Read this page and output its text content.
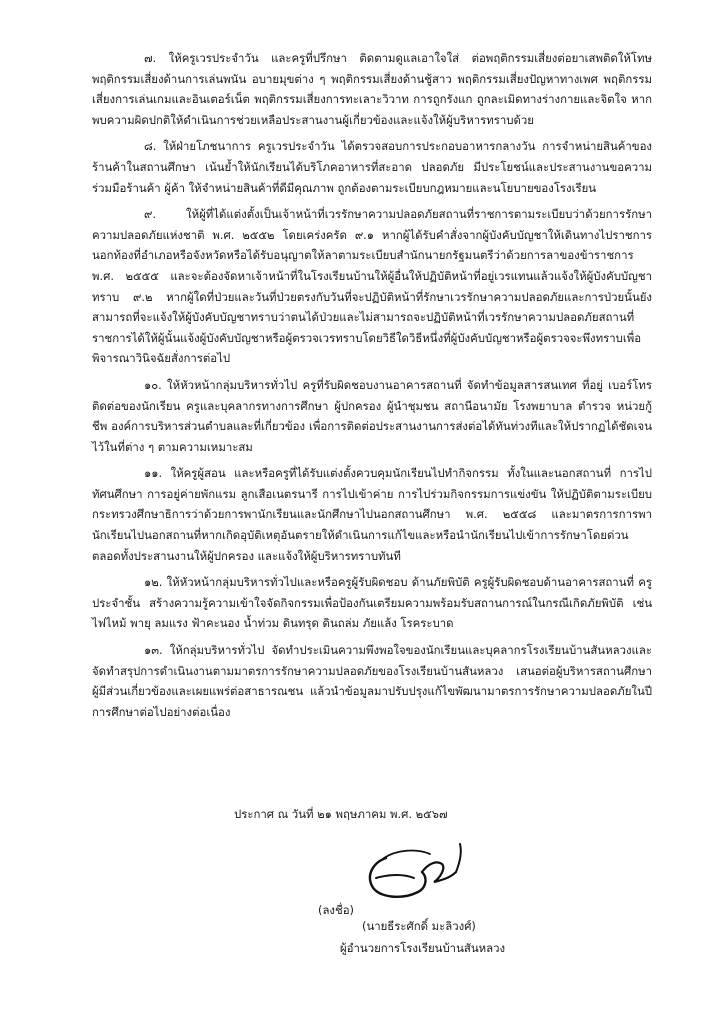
๗. ให้ครูเวรประจำวัน และครูที่ปรึกษา ติดตามดูแลเอาใจใส่ ต่อพฤติกรรมเสี่ยงต่อยาเสพติดให้โทษ พฤติกรรมเสี่ยงด้านการเล่นพนัน อบายมุขต่าง ๆ พฤติกรรมเสี่ยงด้านชู้สาว พฤติกรรมเสี่ยงปัญหาทางเพศ พฤติกรรมเสี่ยงการเล่นเกมและอินเตอร์เน็ต พฤติกรรมเสี่ยงการทะเลาะวิวาท การถูกรังแก ถูกละเมิดทางร่างกายและจิตใจ หากพบความผิดปกติให้ดำเนินการช่วยเหลือประสานงานผู้เกี่ยวข้องและแจ้งให้ผู้บริหารทราบด้วย

๘. ให้ฝ่ายโภชนาการ ครูเวรประจำวัน ได้ตรวจสอบการประกอบอาหารกลางวัน การจำหน่ายสินค้าของร้านค้าในสถานศึกษา เน้นย้ำให้นักเรียนได้บริโภคอาหารที่สะอาด ปลอดภัย มีประโยชน์และประสานงานขอความร่วมมือร้านค้า ผู้ค้า ให้จำหน่ายสินค้าที่ดีมีคุณภาพ ถูกต้องตามระเบียบกฎหมายและนโยบายของโรงเรียน

๙. ให้ผู้ที่ได้แต่งตั้งเป็นเจ้าหน้าที่เวรรักษาความปลอดภัยสถานที่ราชการตามระเบียบว่าด้วยการรักษาความปลอดภัยแห่งชาติ พ.ศ. ๒๕๕๒ โดยเคร่งครัด ๙.๑ หากผู้ได้รับคำสั่งจากผู้บังคับบัญชาให้เดินทางไปราชการนอกท้องที่อำเภอหรือจังหวัดหรือได้รับอนุญาตให้ลาตามระเบียบสำนักนายกรัฐมนตรีว่าด้วยการลาของข้าราชการ พ.ศ. ๒๕๕๕ และจะต้องจัดหาเจ้าหน้าที่ในโรงเรียนบ้านให้ผู้อื่นให้ปฏิบัติหน้าที่อยู่เวรแทนแล้วแจ้งให้ผู้บังคับบัญชาทราบ ๙.๒ หากผู้ใดที่ป่วยและวันที่ป่วยตรงกับวันที่จะปฏิบัติหน้าที่รักษาเวรรักษาความปลอดภัยและการป่วยนั้นยังสามารถที่จะแจ้งให้ผู้บังคับบัญชาทราบว่าตนได้ป่วยและไม่สามารถจะปฏิบัติหน้าที่เวรรักษาความปลอดภัยสถานที่ราชการได้ให้ผู้นั้นแจ้งผู้บังคับบัญชาหรือผู้ตรวจเวรทราบโดยวิธีใดวิธีหนึ่งที่ผู้บังคับบัญชาหรือผู้ตรวจจะพึงทราบเพื่อพิจารณาวินิจฉัยสั่งการต่อไป

๑๐. ให้หัวหน้ากลุ่มบริหารทั่วไป ครูที่รับผิดชอบงานอาคารสถานที่ จัดทำข้อมูลสารสนเทศ ที่อยู่ เบอร์โทรติดต่อของนักเรียน ครูและบุคลากรทางการศึกษา ผู้ปกครอง ผู้นำชุมชน สถานีอนามัย โรงพยาบาล ตำรวจ หน่วยกู้ชีพ องค์การบริหารส่วนตำบลและที่เกี่ยวข้อง เพื่อการติดต่อประสานงานการส่งต่อได้ทันท่วงทีและให้ปรากฏได้ชัดเจนไว้ในที่ต่าง ๆ ตามความเหมาะสม

๑๑. ให้ครูผู้สอน และหรือครูที่ได้รับแต่งตั้งควบคุมนักเรียนไปทำกิจกรรม ทั้งในและนอกสถานที่ การไปทัศนศึกษา การอยู่ค่ายพักแรม ลูกเสือเนตรนารี การไปเข้าค่าย การไปร่วมกิจกรรมการแข่งขัน ให้ปฏิบัติตามระเบียบกระทรวงศึกษาธิการว่าด้วยการพานักเรียนและนักศึกษาไปนอกสถานศึกษา พ.ศ. ๒๕๕๘ และมาตรการการพานักเรียนไปนอกสถานที่หากเกิดอุบัติเหตุอันตรายให้ดำเนินการแก้ไขและหรือนำนักเรียนไปเข้าการรักษาโดยด่วนตลอดทั้งประสานงานให้ผู้ปกครอง และแจ้งให้ผู้บริหารทราบทันที

๑๒. ให้หัวหน้ากลุ่มบริหารทั่วไปและหรือครูผู้รับผิดชอบ ด้านภัยพิบัติ ครูผู้รับผิดชอบด้านอาคารสถานที่ ครูประจำชั้น สร้างความรู้ความเข้าใจจัดกิจกรรมเพื่อป้องกันเตรียมความพร้อมรับสถานการณ์ในกรณีเกิดภัยพิบัติ เช่น ไฟไหม้ พายุ ลมแรง ฟ้าคะนอง น้ำท่วม ดินทรุด ดินถล่ม ภัยแล้ง โรคระบาด

๑๓. ให้กลุ่มบริหารทั่วไป จัดทำประเมินความพึงพอใจของนักเรียนและบุคลากรโรงเรียนบ้านสันหลวงและจัดทำสรุปการดำเนินงานตามมาตรการรักษาความปลอดภัยของโรงเรียนบ้านสันหลวง เสนอต่อผู้บริหารสถานศึกษา ผู้มีส่วนเกี่ยวข้องและเผยแพร่ต่อสาธารณชน แล้วนำข้อมูลมาปรับปรุงแก้ไขพัฒนามาตรการรักษาความปลอดภัยในปีการศึกษาต่อไปอย่างต่อเนื่อง

ประกาศ ณ วันที่ ๒๑ พฤษภาคม พ.ศ. ๒๕๖๗
(ลงชื่อ)
(นายธีระศักดิ์ มะลิวงศ์)
ผู้อำนวยการโรงเรียนบ้านสันหลวง
